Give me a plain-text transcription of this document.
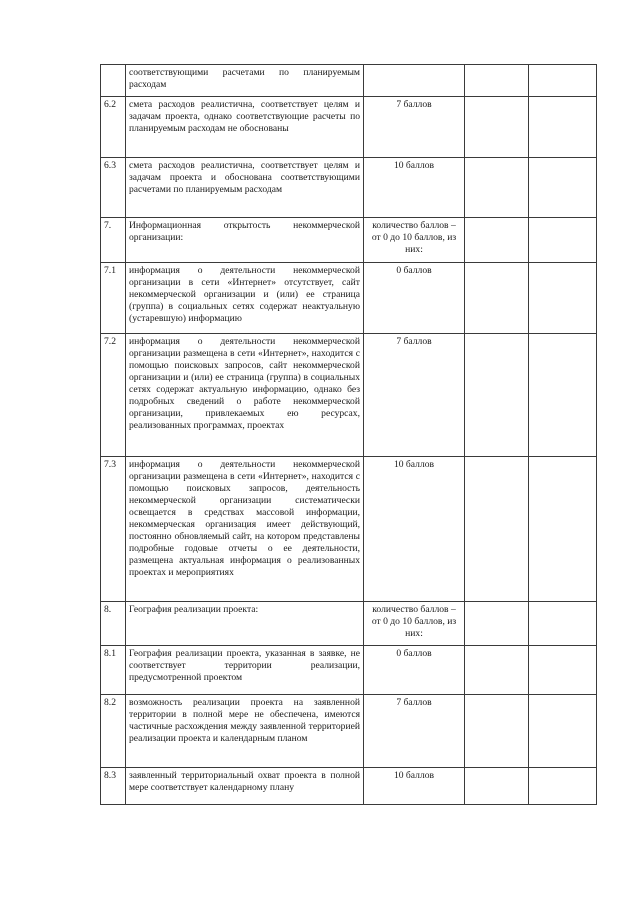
	соответствующими расчетами по планируемым расходам			
6.2	смета расходов реалистична, соответствует целям и задачам проекта, однако соответствующие расчеты по планируемым расходам не обоснованы	7 баллов		
6.3	смета расходов реалистична, соответствует целям и задачам проекта и обоснована соответствующими расчетами по планируемым расходам	10 баллов		
7.	Информационная открытость некоммерческой организации:	количество баллов – от 0 до 10 баллов, из них:		
7.1	информация о деятельности некоммерческой организации в сети «Интернет» отсутствует, сайт некоммерческой организации и (или) ее страница (группа) в социальных сетях содержат неактуальную (устаревшую) информацию	0 баллов		
7.2	информация о деятельности некоммерческой организации размещена в сети «Интернет», находится с помощью поисковых запросов, сайт некоммерческой организации и (или) ее страница (группа) в социальных сетях содержат актуальную информацию, однако без подробных сведений о работе некоммерческой организации, привлекаемых ею ресурсах, реализованных программах, проектах	7 баллов		
7.3	информация о деятельности некоммерческой организации размещена в сети «Интернет», находится с помощью поисковых запросов, деятельность некоммерческой организации систематически освещается в средствах массовой информации, некоммерческая организация имеет действующий, постоянно обновляемый сайт, на котором представлены подробные годовые отчеты о ее деятельности, размещена актуальная информация о реализованных проектах и мероприятиях	10 баллов		
8.	География реализации проекта:	количество баллов – от 0 до 10 баллов, из них:		
8.1	География реализации проекта, указанная в заявке, не соответствует территории реализации, предусмотренной проектом	0 баллов		
8.2	возможность реализации проекта на заявленной территории в полной мере не обеспечена, имеются частичные расхождения между заявленной территорией реализации проекта и календарным планом	7 баллов		
8.3	заявленный территориальный охват проекта в полной мере соответствует календарному плану	10 баллов		
